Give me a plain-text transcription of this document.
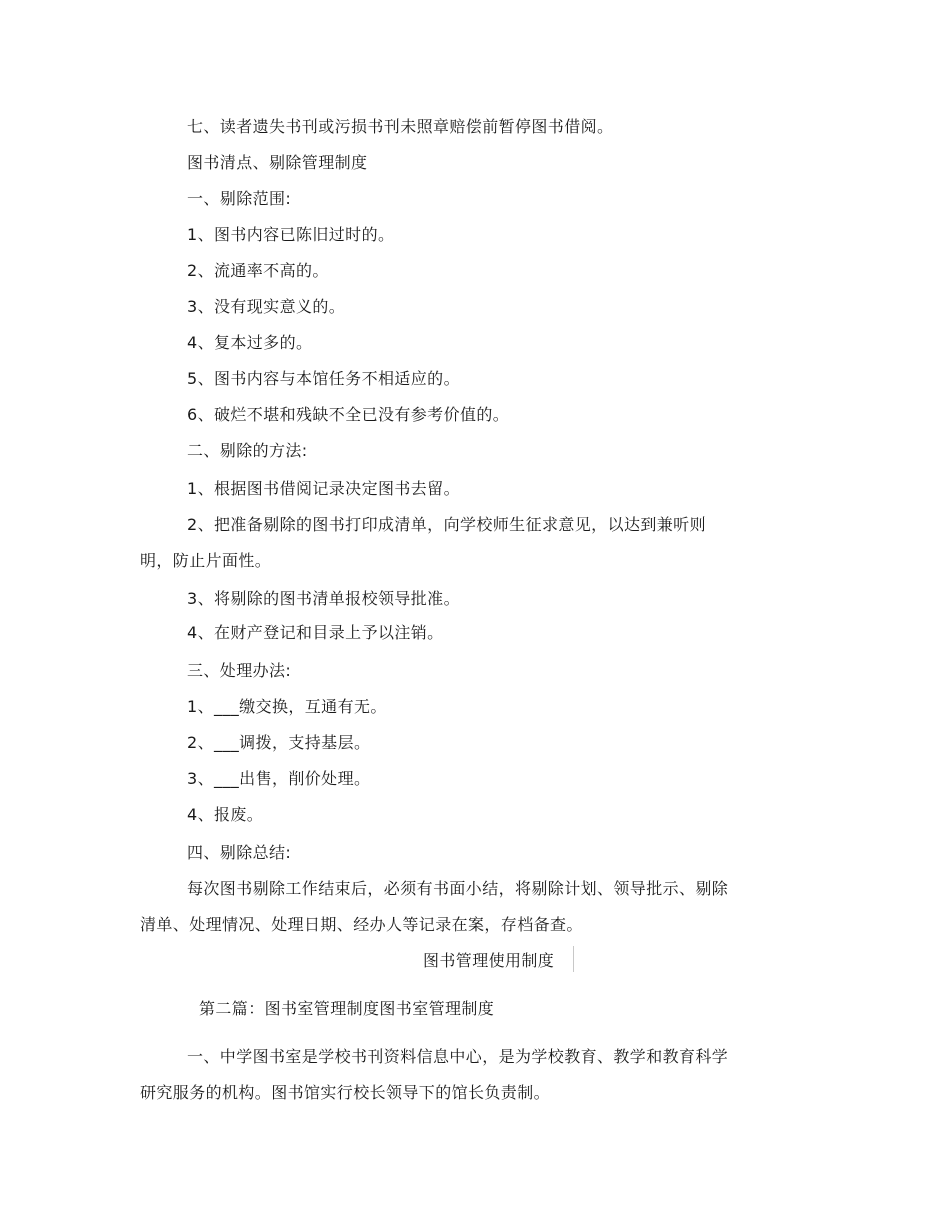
七、读者遗失书刊或污损书刊未照章赔偿前暂停图书借阅。
图书清点、剔除管理制度
一、剔除范围:
1、图书内容已陈旧过时的。
2、流通率不高的。
3、没有现实意义的。
4、复本过多的。
5、图书内容与本馆任务不相适应的。
6、破烂不堪和残缺不全已没有参考价值的。
二、剔除的方法:
1、根据图书借阅记录决定图书去留。
2、把准备剔除的图书打印成清单，向学校师生征求意见，以达到兼听则
明，防止片面性。
3、将剔除的图书清单报校领导批准。
4、在财产登记和目录上予以注销。
三、处理办法:
1、___缴交换，互通有无。
2、___调拨，支持基层。
3、___出售，削价处理。
4、报废。
四、剔除总结:
每次图书剔除工作结束后，必须有书面小结，将剔除计划、领导批示、剔除
清单、处理情况、处理日期、经办人等记录在案，存档备查。
图书管理使用制度
第二篇：图书室管理制度图书室管理制度
一、中学图书室是学校书刊资料信息中心，是为学校教育、教学和教育科学
研究服务的机构。图书馆实行校长领导下的馆长负责制。
